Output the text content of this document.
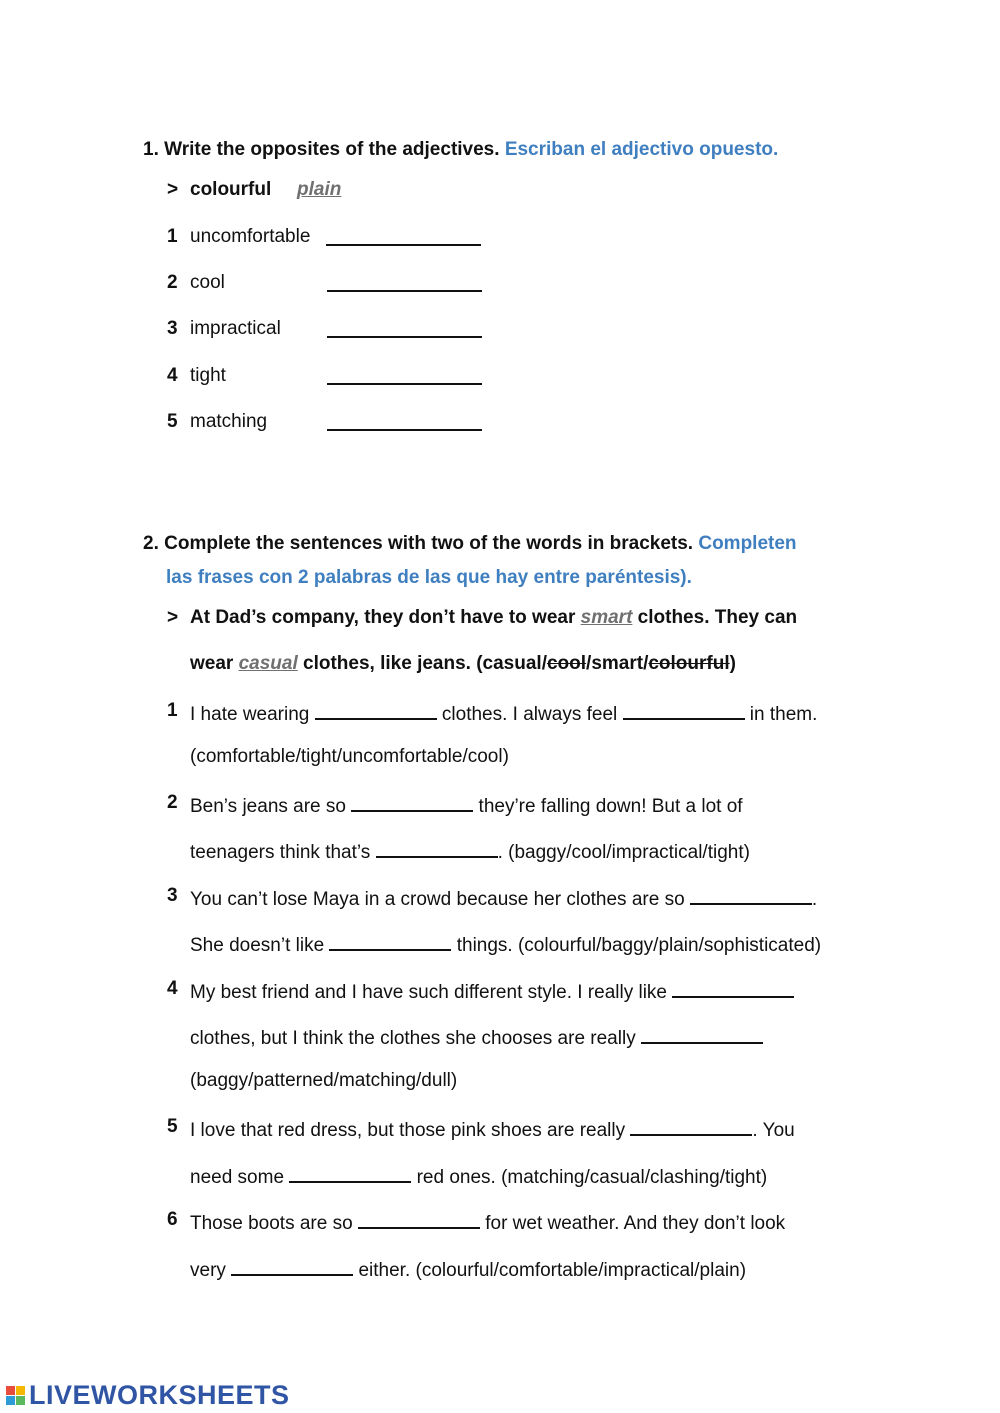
1. Write the opposites of the adjectives. Escriban el adjectivo opuesto.
> colourful plain
1 uncomfortable
2 cool
3 impractical
4 tight
5 matching
2. Complete the sentences with two of the words in brackets. Completen
las frases con 2 palabras de las que hay entre paréntesis).
> At Dad’s company, they don’t have to wear smart clothes. They can
wear casual clothes, like jeans. (casual/cool/smart/colourful)
1 I hate wearing	clothes. I always feel	in them.
(comfortable/tight/uncomfortable/cool)
2 Ben’s jeans are so	they’re falling down! But a lot of
teenagers think that’s	. (baggy/cool/impractical/tight)
3 You can’t lose Maya in a crowd because her clothes are so	.
She doesn’t like	things. (colourful/baggy/plain/sophisticated)
4 My best friend and I have such different style. I really like
clothes, but I think the clothes she chooses are really
(baggy/patterned/matching/dull)
5 I love that red dress, but those pink shoes are really	. You
need some	red ones. (matching/casual/clashing/tight)
6 Those boots are so	for wet weather. And they don’t look
very	either. (colourful/comfortable/impractical/plain)
LIVEWORKSHEETS
